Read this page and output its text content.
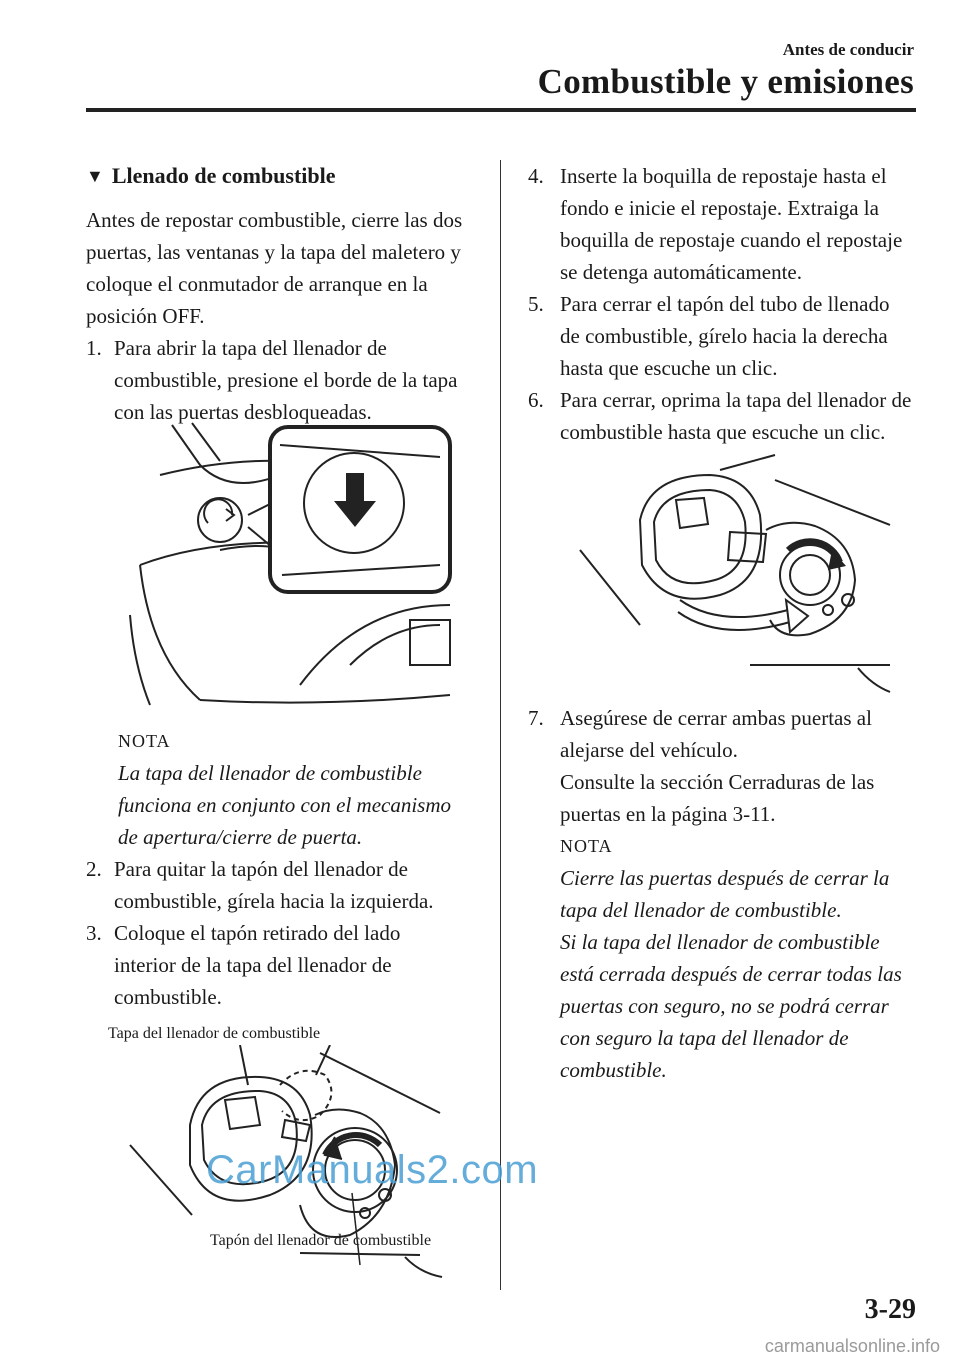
Antes de conducir
Combustible y emisiones
▼ Llenado de combustible

Antes de repostar combustible, cierre las dos puertas, las ventanas y la tapa del maletero y coloque el conmutador de arranque en la posición OFF.

1. Para abrir la tapa del llenador de combustible, presione el borde de la tapa con las puertas desbloqueadas.

NOTA

La tapa del llenador de combustible funciona en conjunto con el mecanismo de apertura/cierre de puerta.

2. Para quitar la tapón del llenador de combustible, gírela hacia la izquierda.
3. Coloque el tapón retirado del lado interior de la tapa del llenador de combustible.
Tapa del llenador de combustible
Tapón del llenador de combustible
4. Inserte la boquilla de repostaje hasta el fondo e inicie el repostaje. Extraiga la boquilla de repostaje cuando el repostaje se detenga automáticamente.
5. Para cerrar el tapón del tubo de llenado de combustible, gírelo hacia la derecha hasta que escuche un clic.
6. Para cerrar, oprima la tapa del llenador de combustible hasta que escuche un clic.
7. Asegúrese de cerrar ambas puertas al alejarse del vehículo.
Consulte la sección Cerraduras de las puertas en la página 3-11.

NOTA

Cierre las puertas después de cerrar la tapa del llenador de combustible.

Si la tapa del llenador de combustible está cerrada después de cerrar todas las puertas con seguro, no se podrá cerrar con seguro la tapa del llenador de combustible.

CarManuals2.com
3-29
carmanualsonline.info
